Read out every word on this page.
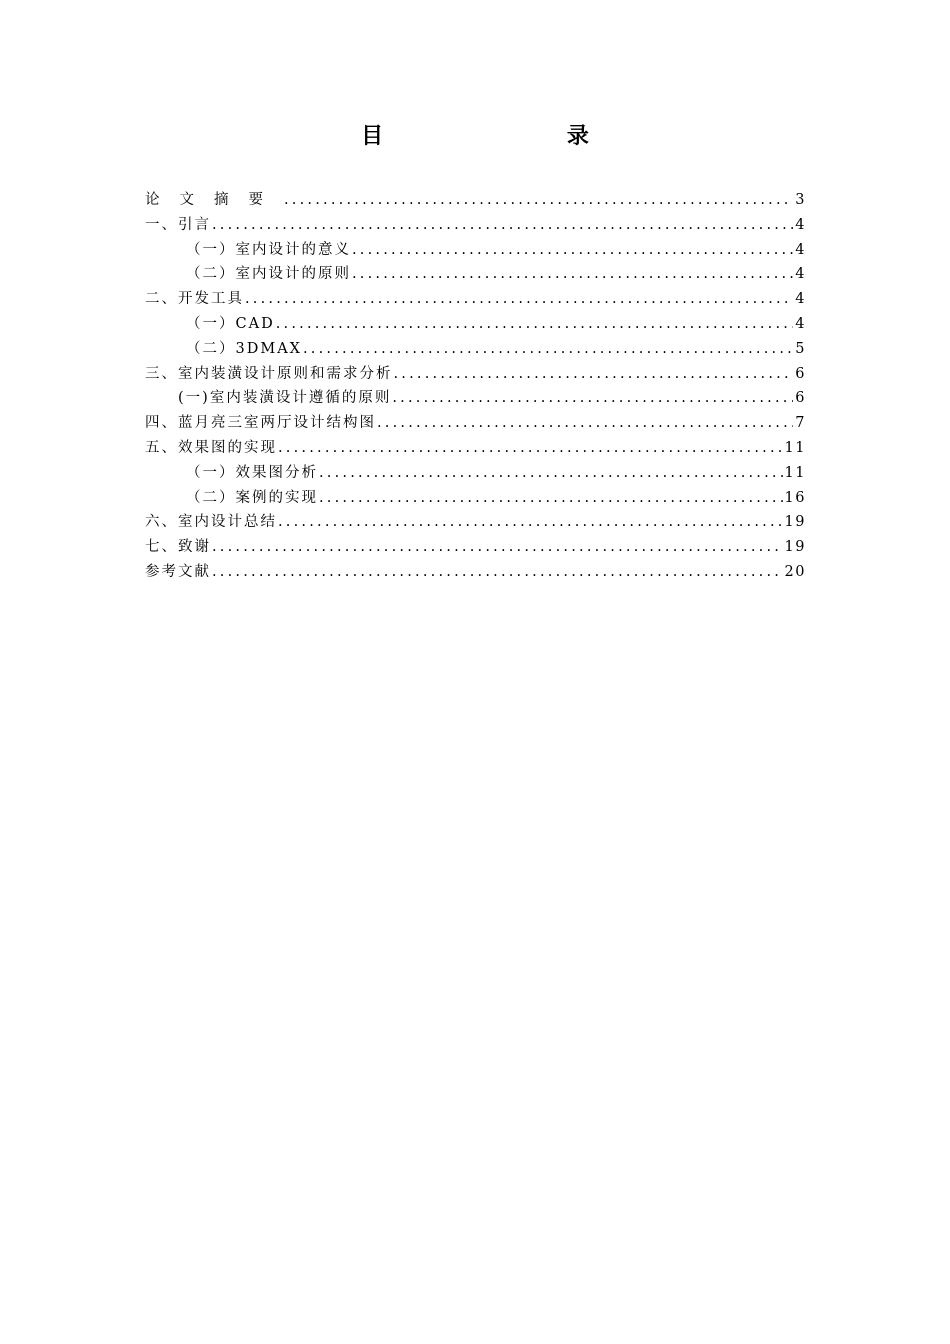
目 录
论文摘要 .....	3
一、引言 .....	4
（一）室内设计的意义 .....	4
（二）室内设计的原则 .....	4
二、开发工具 .....	4
（一）CAD .....	4
（二）3DMAX .....	5
三、室内装潢设计原则和需求分析 .....	6
(一)室内装潢设计遵循的原则 .....	6
四、蓝月亮三室两厅设计结构图 .....	7
五、效果图的实现 .....	11
（一）效果图分析 .....	11
（二）案例的实现 .....	16
六、室内设计总结 .....	19
七、致谢 .....	19
参考文献 .....	20
